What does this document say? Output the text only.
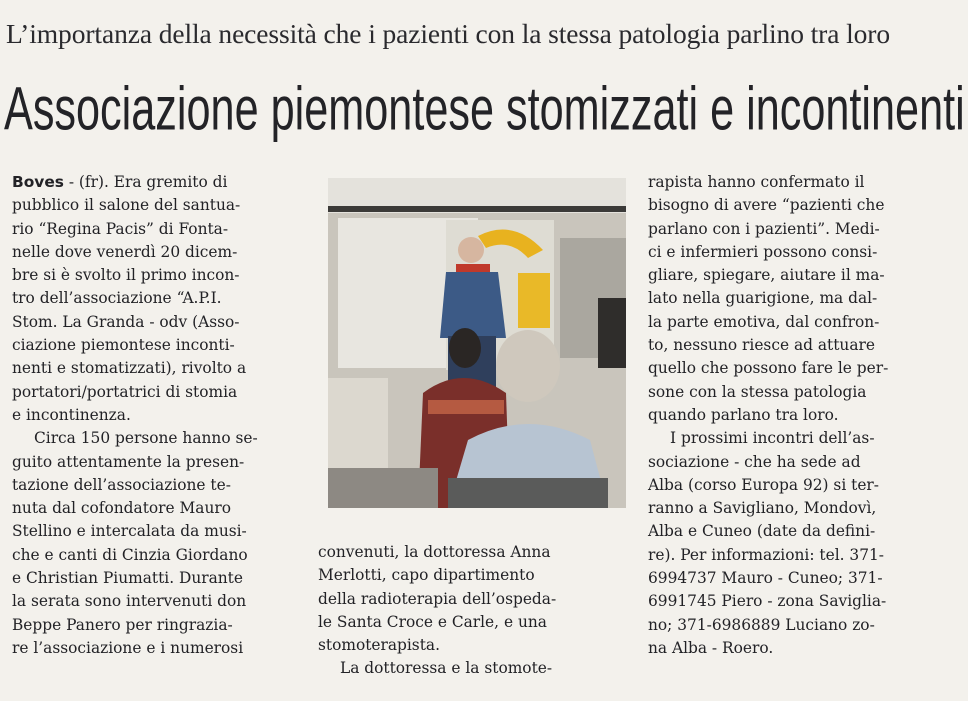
L’importanza della necessità che i pazienti con la stessa patologia parlino tra loro
Associazione piemontese stomizzati e incontinenti
Boves - (fr). Era gremito di
pubblico il salone del santua-
rio “Regina Pacis” di Fonta-
nelle dove venerdì 20 dicem-
bre si è svolto il primo incon-
tro dell’associazione “A.P.I.
Stom. La Granda - odv (Asso-
ciazione piemontese inconti-
nenti e stomatizzati), rivolto a
portatori/portatrici di stomia
e incontinenza.
Circa 150 persone hanno se-
guito attentamente la presen-
tazione dell’associazione te-
nuta dal cofondatore Mauro
Stellino e intercalata da musi-
che e canti di Cinzia Giordano
e Christian Piumatti. Durante
la serata sono intervenuti don
Beppe Panero per ringrazia-
re l’associazione e i numerosi
convenuti, la dottoressa Anna
Merlotti, capo dipartimento
della radioterapia dell’ospeda-
le Santa Croce e Carle, e una
stomoterapista.
La dottoressa e la stomote-
rapista hanno confermato il
bisogno di avere “pazienti che
parlano con i pazienti”. Medi-
ci e infermieri possono consi-
gliare, spiegare, aiutare il ma-
lato nella guarigione, ma dal-
la parte emotiva, dal confron-
to, nessuno riesce ad attuare
quello che possono fare le per-
sone con la stessa patologia
quando parlano tra loro.
I prossimi incontri dell’as-
sociazione - che ha sede ad
Alba (corso Europa 92) si ter-
ranno a Savigliano, Mondovì,
Alba e Cuneo (date da defini-
re). Per informazioni: tel. 371-
6994737 Mauro - Cuneo; 371-
6991745 Piero - zona Savigliа-
no; 371-6986889 Luciano zo-
na Alba - Roero.
